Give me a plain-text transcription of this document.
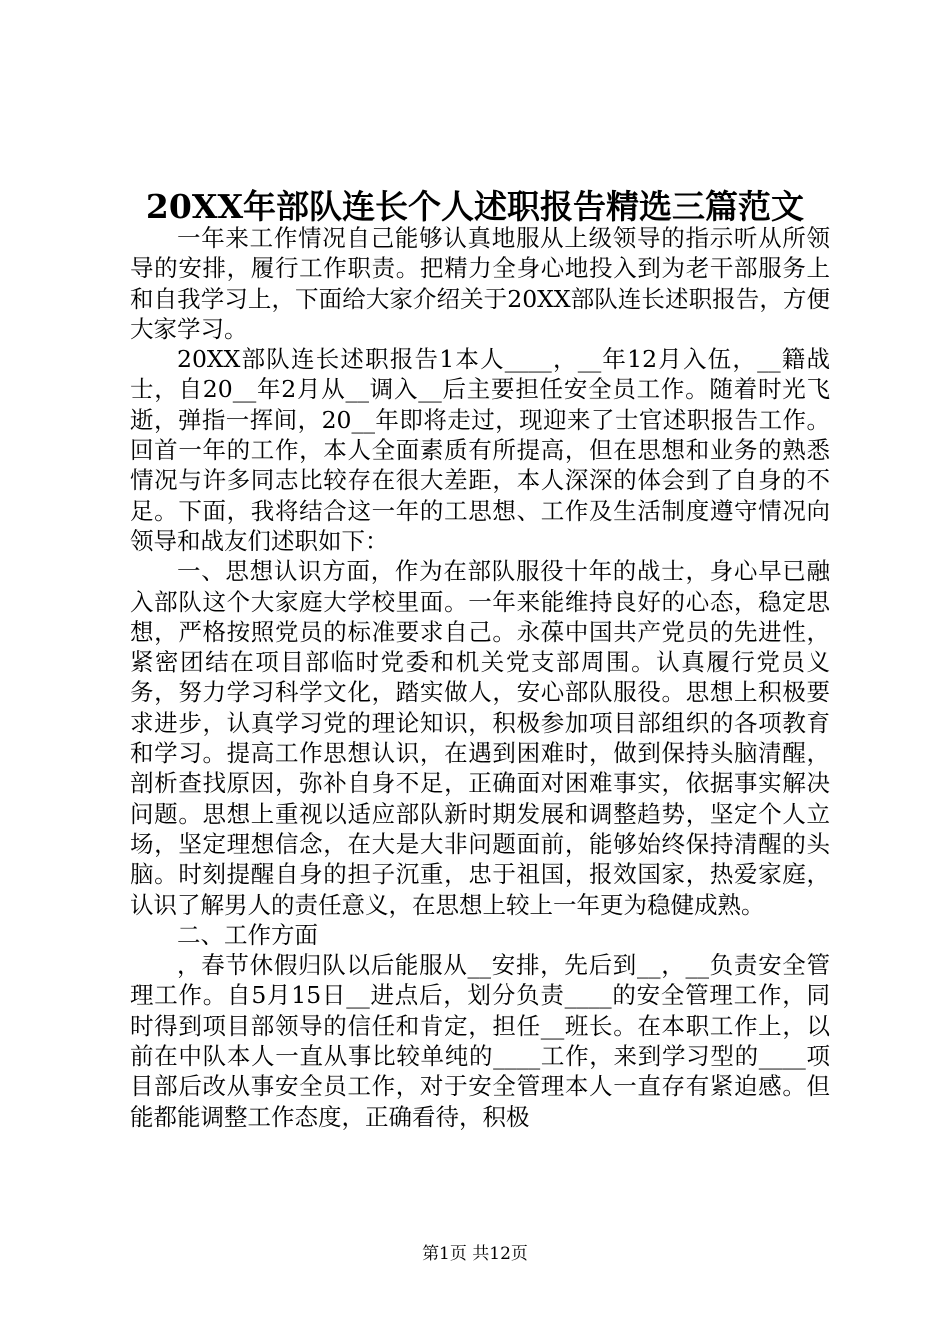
20XX年部队连长个人述职报告精选三篇范文

一年来工作情况自己能够认真地服从上级领导的指示听从所领导的安排，履行工作职责。把精力全身心地投入到为老干部服务上和自我学习上，下面给大家介绍关于20XX部队连长述职报告，方便大家学习。

20XX部队连长述职报告1本人____，__年12月入伍，__籍战士，自20__年2月从__调入__后主要担任安全员工作。随着时光飞逝，弹指一挥间，20__年即将走过，现迎来了士官述职报告工作。回首一年的工作，本人全面素质有所提高，但在思想和业务的熟悉情况与许多同志比较存在很大差距，本人深深的体会到了自身的不足。下面，我将结合这一年的工思想、工作及生活制度遵守情况向领导和战友们述职如下：

一、思想认识方面，作为在部队服役十年的战士，身心早已融入部队这个大家庭大学校里面。一年来能维持良好的心态，稳定思想，严格按照党员的标准要求自己。永葆中国共产党员的先进性，紧密团结在项目部临时党委和机关党支部周围。认真履行党员义务，努力学习科学文化，踏实做人，安心部队服役。思想上积极要求进步，认真学习党的理论知识，积极参加项目部组织的各项教育和学习。提高工作思想认识，在遇到困难时，做到保持头脑清醒，剖析查找原因，弥补自身不足，正确面对困难事实，依据事实解决问题。思想上重视以适应部队新时期发展和调整趋势，坚定个人立场，坚定理想信念，在大是大非问题面前，能够始终保持清醒的头脑。时刻提醒自身的担子沉重，忠于祖国，报效国家，热爱家庭，认识了解男人的责任意义，在思想上较上一年更为稳健成熟。

二、工作方面

，春节休假归队以后能服从__安排，先后到__，__负责安全管理工作。自5月15日__进点后，划分负责____的安全管理工作，同时得到项目部领导的信任和肯定，担任__班长。在本职工作上，以前在中队本人一直从事比较单纯的____工作，来到学习型的____项目部后改从事安全员工作，对于安全管理本人一直存有紧迫感。但能都能调整工作态度，正确看待，积极

第1页 共12页
